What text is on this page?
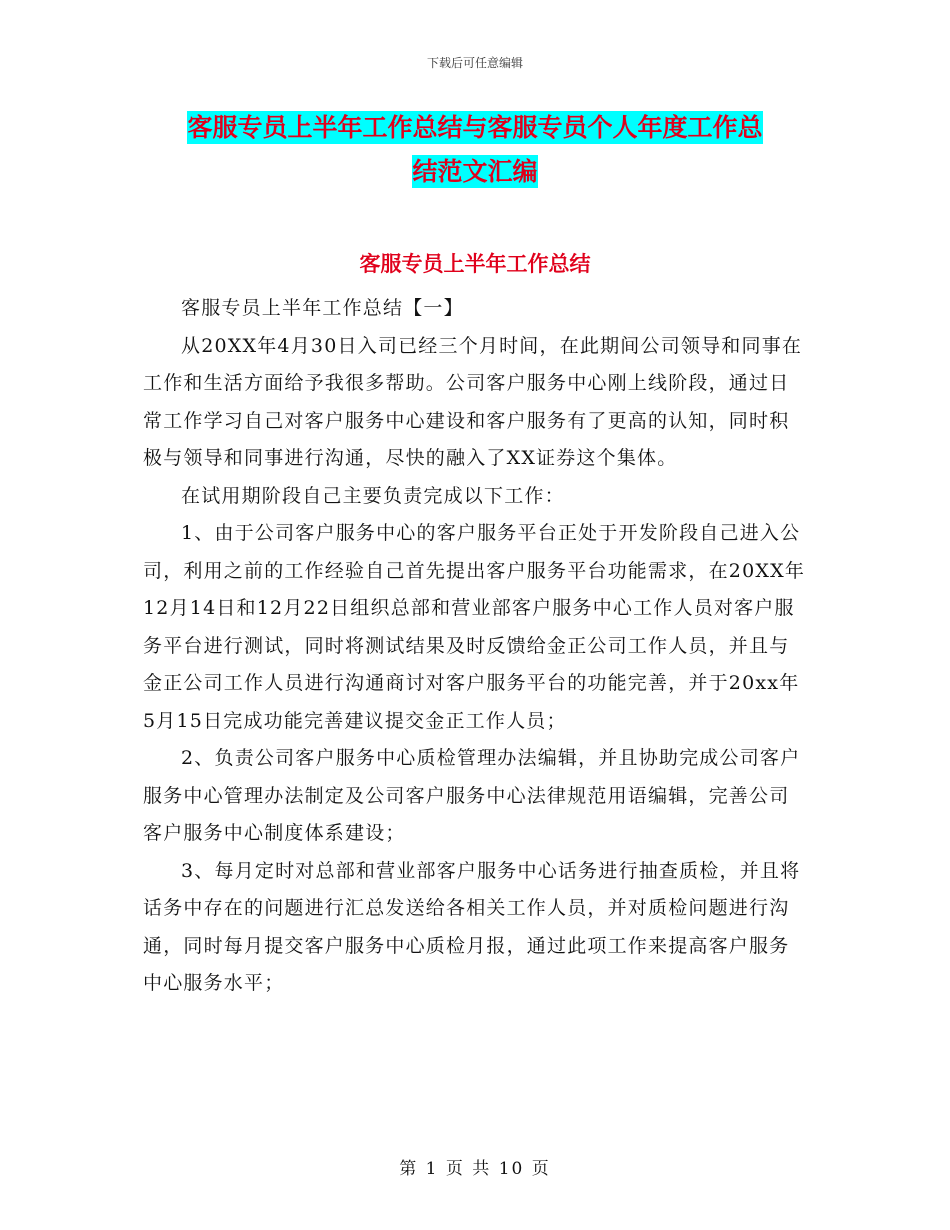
下载后可任意编辑
客服专员上半年工作总结与客服专员个人年度工作总
结范文汇编
客服专员上半年工作总结

客服专员上半年工作总结【一】

从20XX年4月30日入司已经三个月时间，在此期间公司领导和同事在工作和生活方面给予我很多帮助。公司客户服务中心刚上线阶段，通过日常工作学习自己对客户服务中心建设和客户服务有了更高的认知，同时积极与领导和同事进行沟通，尽快的融入了XX证券这个集体。

在试用期阶段自己主要负责完成以下工作：

1、由于公司客户服务中心的客户服务平台正处于开发阶段自己进入公司，利用之前的工作经验自己首先提出客户服务平台功能需求，在20XX年12月14日和12月22日组织总部和营业部客户服务中心工作人员对客户服务平台进行测试，同时将测试结果及时反馈给金正公司工作人员，并且与金正公司工作人员进行沟通商讨对客户服务平台的功能完善，并于20xx年5月15日完成功能完善建议提交金正工作人员；

2、负责公司客户服务中心质检管理办法编辑，并且协助完成公司客户服务中心管理办法制定及公司客户服务中心法律规范用语编辑，完善公司客户服务中心制度体系建设；

3、每月定时对总部和营业部客户服务中心话务进行抽查质检，并且将话务中存在的问题进行汇总发送给各相关工作人员，并对质检问题进行沟通，同时每月提交客户服务中心质检月报，通过此项工作来提高客户服务中心服务水平；

第 1 页 共 10 页
